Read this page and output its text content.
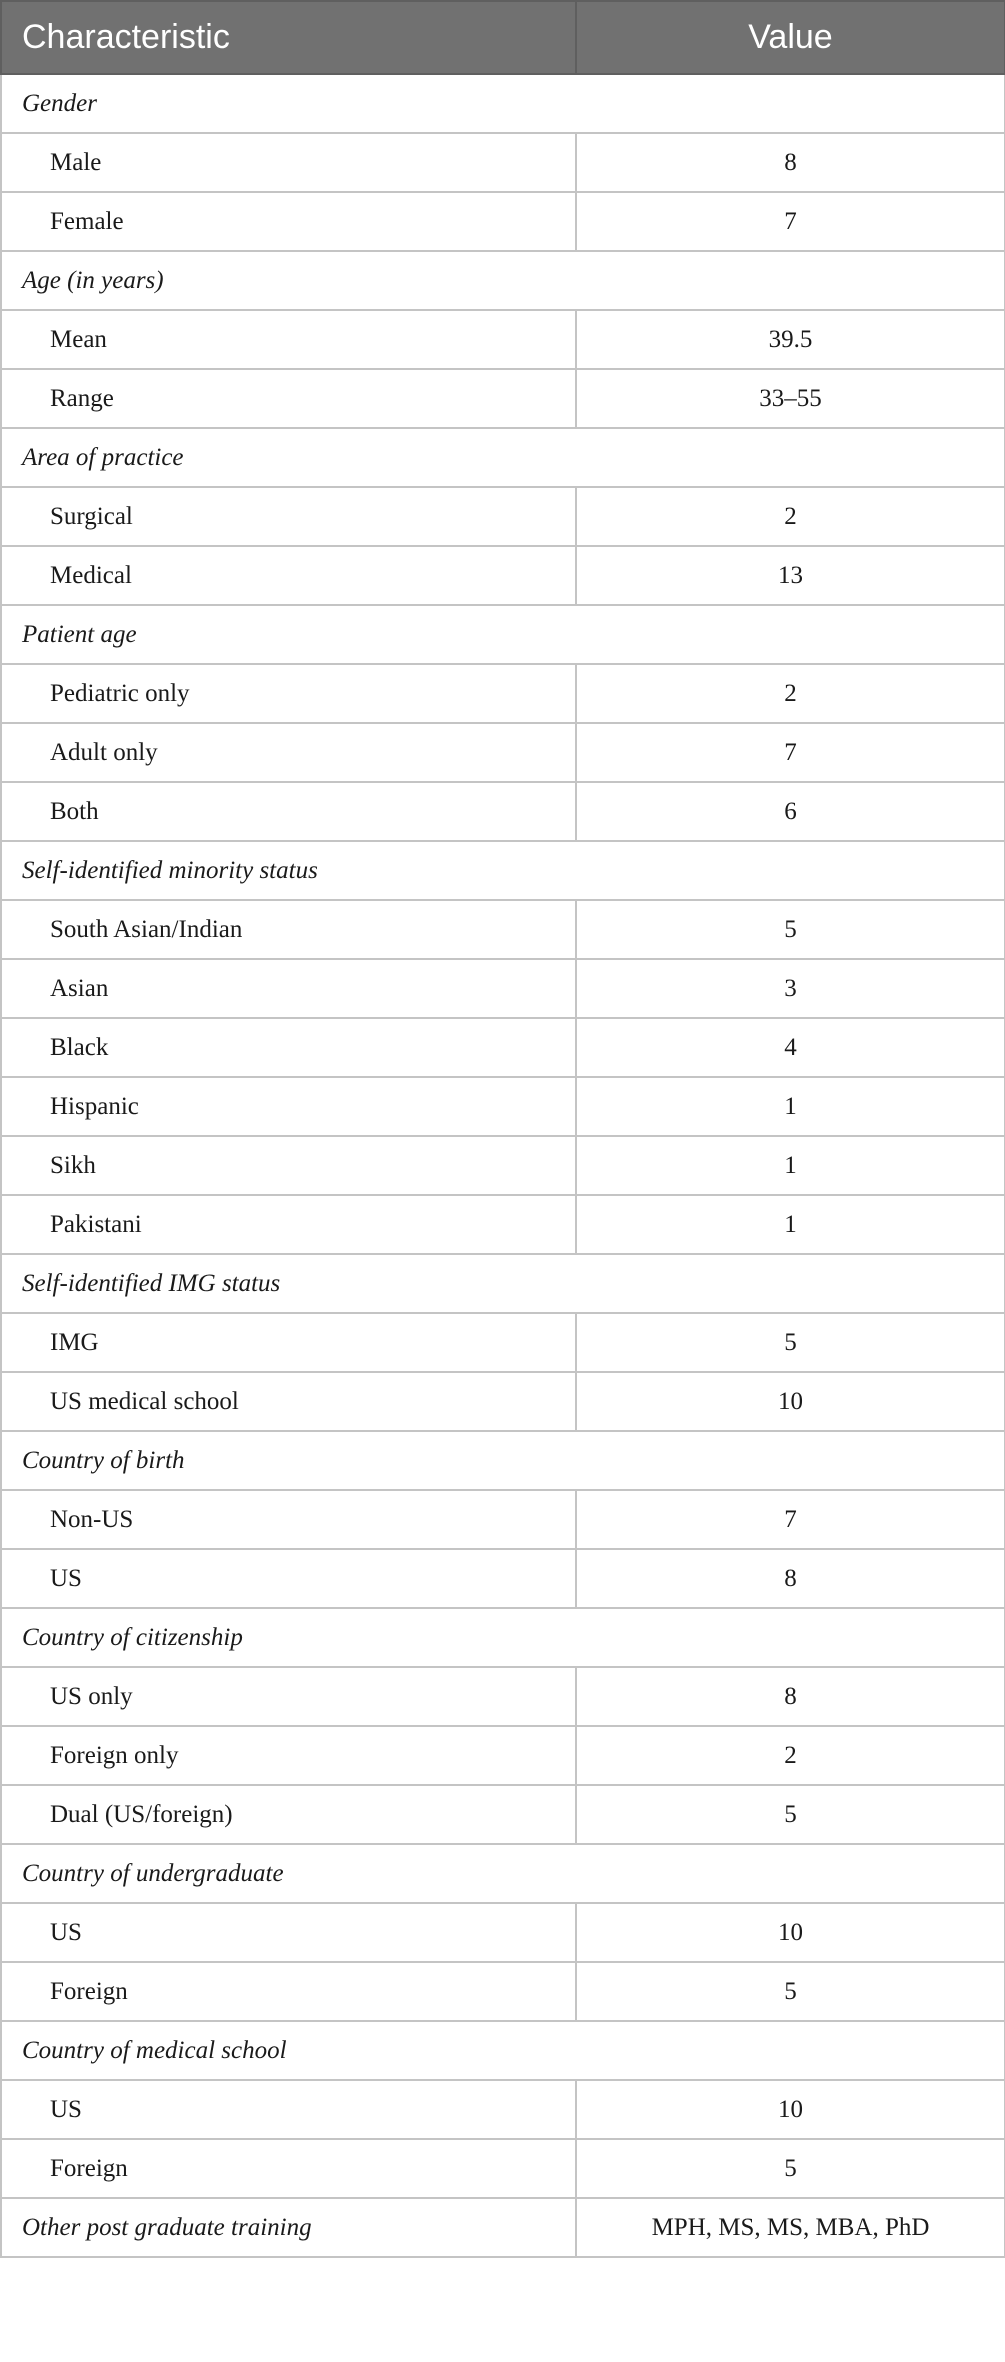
Characteristic	Value
Gender	
Male	8
Female	7
Age (in years)	
Mean	39.5
Range	33–55
Area of practice	
Surgical	2
Medical	13
Patient age	
Pediatric only	2
Adult only	7
Both	6
Self-identified minority status	
South Asian/Indian	5
Asian	3
Black	4
Hispanic	1
Sikh	1
Pakistani	1
Self-identified IMG status	
IMG	5
US medical school	10
Country of birth	
Non-US	7
US	8
Country of citizenship	
US only	8
Foreign only	2
Dual (US/foreign)	5
Country of undergraduate	
US	10
Foreign	5
Country of medical school	
US	10
Foreign	5
Other post graduate training	MPH, MS, MS, MBA, PhD
